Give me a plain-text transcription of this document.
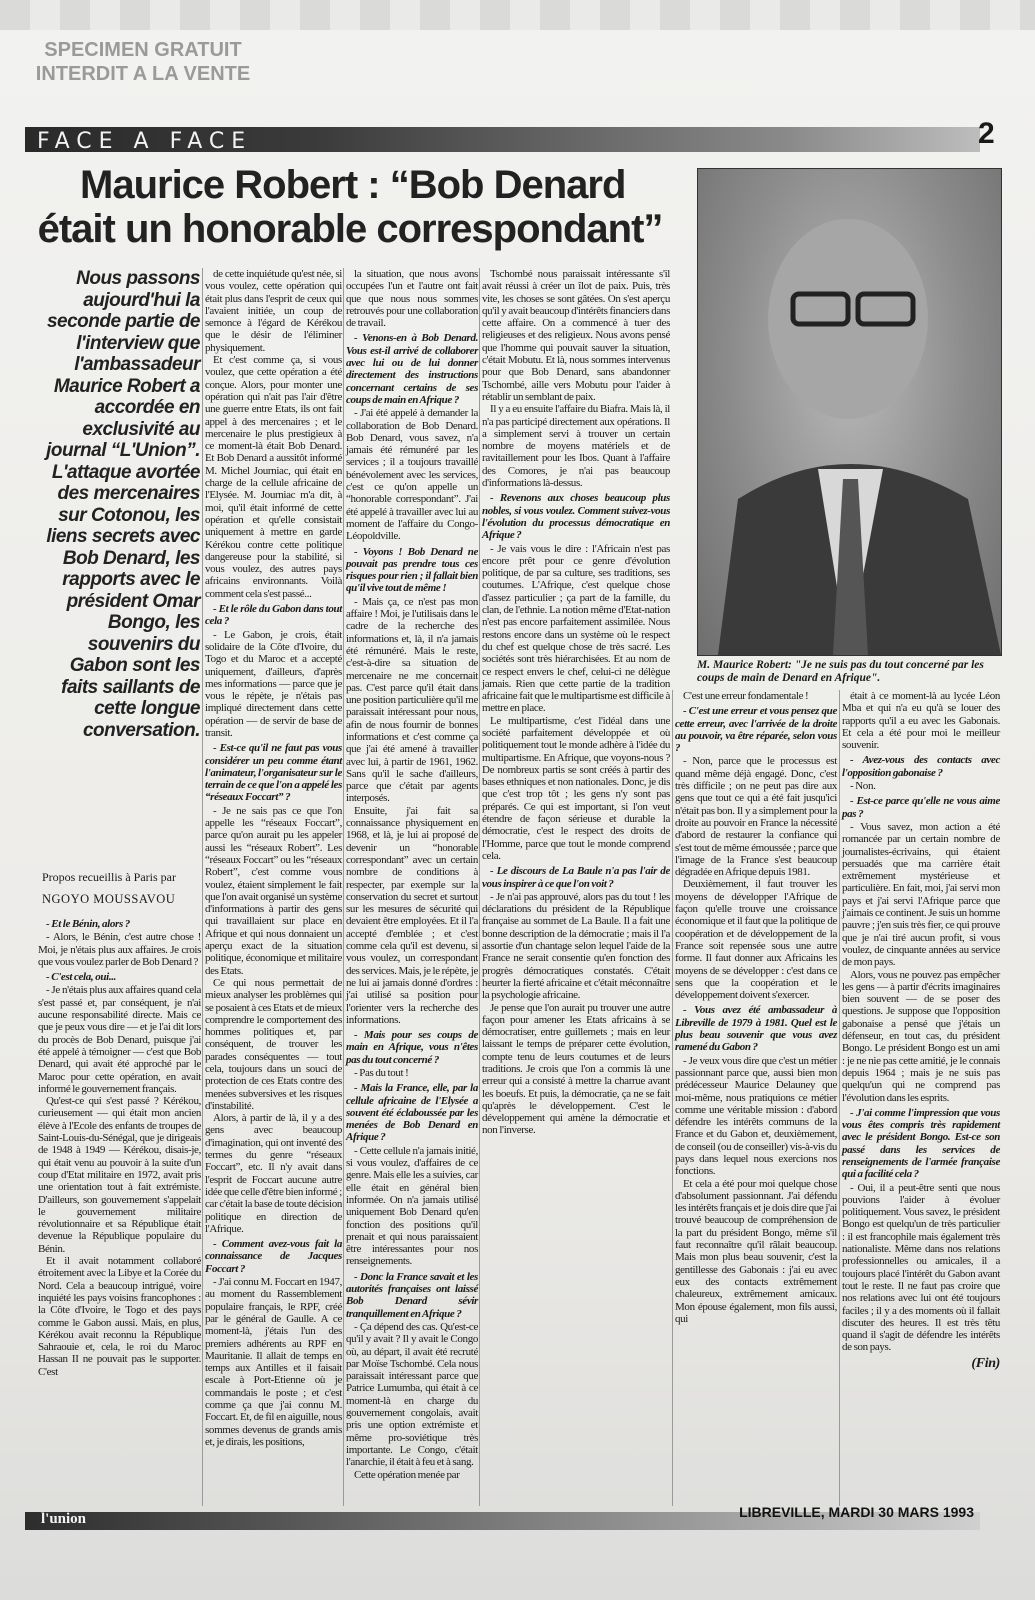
SPECIMEN GRATUIT INTERDIT A LA VENTE
FACE A FACE	2
Maurice Robert : “Bob Denard
était un honorable correspondant”
M. Maurice Robert: "Je ne suis pas du tout concerné par les coups de main de Denard en Afrique".
Nous passons aujourd'hui la seconde partie de l'interview que l'ambassadeur Maurice Robert a accordée en exclusivité au journal “L'Union”. L'attaque avortée des mercenaires sur Cotonou, les liens secrets avec Bob Denard, les rapports avec le président Omar Bongo, les souvenirs du Gabon sont les faits saillants de cette longue conversation.
Propos recueillis à Paris par
NGOYO MOUSSAVOU

- Et le Bénin, alors ?

- Alors, le Bénin, c'est autre chose ! Moi, je n'étais plus aux affaires. Je crois que vous voulez parler de Bob Denard ?

- C'est cela, oui...

- Je n'étais plus aux affaires quand cela s'est passé et, par conséquent, je n'ai aucune responsabilité directe. Mais ce que je peux vous dire — et je l'ai dit lors du procès de Bob Denard, puisque j'ai été appelé à témoigner — c'est que Bob Denard, qui avait été approché par le Maroc pour cette opération, en avait informé le gouvernement français.

Qu'est-ce qui s'est passé ? Kérékou, curieusement — qui était mon ancien élève à l'Ecole des enfants de troupes de Saint-Louis-du-Sénégal, que je dirigeais de 1948 à 1949 — Kérékou, disais-je, qui était venu au pouvoir à la suite d'un coup d'Etat militaire en 1972, avait pris une orientation tout à fait extrémiste. D'ailleurs, son gouvernement s'appelait le gouvernement militaire révolutionnaire et sa République était devenue la République populaire du Bénin.

Et il avait notamment collaboré étroitement avec la Libye et la Corée du Nord. Cela a beaucoup intrigué, voire inquiété les pays voisins francophones : la Côte d'Ivoire, le Togo et des pays comme le Gabon aussi. Mais, en plus, Kérékou avait reconnu la République Sahraouie et, cela, le roi du Maroc Hassan II ne pouvait pas le supporter. C'est

de cette inquiétude qu'est née, si vous voulez, cette opération qui était plus dans l'esprit de ceux qui l'avaient initiée, un coup de semonce à l'égard de Kérékou que le désir de l'éliminer physiquement.

Et c'est comme ça, si vous voulez, que cette opération a été conçue. Alors, pour monter une opération qui n'ait pas l'air d'être une guerre entre Etats, ils ont fait appel à des mercenaires ; et le mercenaire le plus prestigieux à ce moment-là était Bob Denard. Et Bob Denard a aussitôt informé M. Michel Journiac, qui était en charge de la cellule africaine de l'Elysée. M. Journiac m'a dit, à moi, qu'il était informé de cette opération et qu'elle consistait uniquement à mettre en garde Kérékou contre cette politique dangereuse pour la stabilité, si vous voulez, des autres pays africains environnants. Voilà comment cela s'est passé...

- Et le rôle du Gabon dans tout cela ?

- Le Gabon, je crois, était solidaire de la Côte d'Ivoire, du Togo et du Maroc et a accepté uniquement, d'ailleurs, d'après mes informations — parce que je vous le répète, je n'étais pas impliqué directement dans cette opération — de servir de base de transit.

- Est-ce qu'il ne faut pas vous considérer un peu comme étant l'animateur, l'organisateur sur le terrain de ce que l'on a appelé les “réseaux Foccart” ?

- Je ne sais pas ce que l'on appelle les “réseaux Foccart”, parce qu'on aurait pu les appeler aussi les “réseaux Robert”. Les “réseaux Foccart” ou les “réseaux Robert”, c'est comme vous voulez, étaient simplement le fait que l'on avait organisé un système d'informations à partir des gens qui travaillaient sur place en Afrique et qui nous donnaient un aperçu exact de la situation politique, économique et militaire des Etats.

Ce qui nous permettait de mieux analyser les problèmes qui se posaient à ces Etats et de mieux comprendre le comportement des hommes politiques et, par conséquent, de trouver les parades conséquentes — tout cela, toujours dans un souci de protection de ces Etats contre des menées subversives et les risques d'instabilité.

Alors, à partir de là, il y a des gens avec beaucoup d'imagination, qui ont inventé des termes du genre “réseaux Foccart”, etc. Il n'y avait dans l'esprit de Foccart aucune autre idée que celle d'être bien informé ; car c'était la base de toute décision politique en direction de l'Afrique.

- Comment avez-vous fait la connaissance de Jacques Foccart ?

- J'ai connu M. Foccart en 1947, au moment du Rassemblement populaire français, le RPF, créé par le général de Gaulle. A ce moment-là, j'étais l'un des premiers adhérents au RPF en Mauritanie. Il allait de temps en temps aux Antilles et il faisait escale à Port-Etienne où je commandais le poste ; et c'est comme ça que j'ai connu M. Foccart. Et, de fil en aiguille, nous sommes devenus de grands amis et, je dirais, les positions,

la situation, que nous avons occupées l'un et l'autre ont fait que que nous nous sommes retrouvés pour une collaboration de travail.

- Venons-en à Bob Denard. Vous est-il arrivé de collaborer avec lui ou de lui donner directement des instructions concernant certains de ses coups de main en Afrique ?

- J'ai été appelé à demander la collaboration de Bob Denard. Bob Denard, vous savez, n'a jamais été rémunéré par les services ; il a toujours travaillé bénévolement avec les services, c'est ce qu'on appelle un “honorable correspondant”. J'ai été appelé à travailler avec lui au moment de l'affaire du Congo-Léopoldville.

- Voyons ! Bob Denard ne pouvait pas prendre tous ces risques pour rien ; il fallait bien qu'il vive tout de même !

- Mais ça, ce n'est pas mon affaire ! Moi, je l'utilisais dans le cadre de la recherche des informations et, là, il n'a jamais été rémunéré. Mais le reste, c'est-à-dire sa situation de mercenaire ne me concernait pas. C'est parce qu'il était dans une position particulière qu'il me paraissait intéressant pour nous, afin de nous fournir de bonnes informations et c'est comme ça que j'ai été amené à travailler avec lui, à partir de 1961, 1962. Sans qu'il le sache d'ailleurs, parce que c'était par agents interposés.

Ensuite, j'ai fait sa connaissance physiquement en 1968, et là, je lui ai proposé de devenir un “honorable correspondant” avec un certain nombre de conditions à respecter, par exemple sur la conservation du secret et surtout sur les mesures de sécurité qui devaient être employées. Et il l'a accepté d'emblée ; et c'est comme cela qu'il est devenu, si vous voulez, un correspondant des services. Mais, je le répète, je ne lui ai jamais donné d'ordres : j'ai utilisé sa position pour l'orienter vers la recherche des informations.

- Mais pour ses coups de main en Afrique, vous n'êtes pas du tout concerné ?

- Pas du tout !

- Mais la France, elle, par la cellule africaine de l'Elysée a souvent été éclaboussée par les menées de Bob Denard en Afrique ?

- Cette cellule n'a jamais initié, si vous voulez, d'affaires de ce genre. Mais elle les a suivies, car elle était en général bien informée. On n'a jamais utilisé uniquement Bob Denard qu'en fonction des positions qu'il prenait et qui nous paraissaient être intéressantes pour nos renseignements.

- Donc la France savait et les autorités françaises ont laissé Bob Denard sévir tranquillement en Afrique ?

- Ça dépend des cas. Qu'est-ce qu'il y avait ? Il y avait le Congo où, au départ, il avait été recruté par Moïse Tschombé. Cela nous paraissait intéressant parce que Patrice Lumumba, qui était à ce moment-là en charge du gouvernement congolais, avait pris une option extrémiste et même pro-soviétique très importante. Le Congo, c'était l'anarchie, il était à feu et à sang.

Cette opération menée par

Tschombé nous paraissait intéressante s'il avait réussi à créer un îlot de paix. Puis, très vite, les choses se sont gâtées. On s'est aperçu qu'il y avait beaucoup d'intérêts financiers dans cette affaire. On a commencé à tuer des religieuses et des religieux. Nous avons pensé que l'homme qui pouvait sauver la situation, c'était Mobutu. Et là, nous sommes intervenus pour que Bob Denard, sans abandonner Tschombé, aille vers Mobutu pour l'aider à rétablir un semblant de paix.

Il y a eu ensuite l'affaire du Biafra. Mais là, il n'a pas participé directement aux opérations. Il a simplement servi à trouver un certain nombre de moyens matériels et de ravitaillement pour les Ibos. Quant à l'affaire des Comores, je n'ai pas beaucoup d'informations là-dessus.

- Revenons aux choses beaucoup plus nobles, si vous voulez. Comment suivez-vous l'évolution du processus démocratique en Afrique ?

- Je vais vous le dire : l'Africain n'est pas encore prêt pour ce genre d'évolution politique, de par sa culture, ses traditions, ses coutumes. L'Afrique, c'est quelque chose d'assez particulier ; ça part de la famille, du clan, de l'ethnie. La notion même d'Etat-nation n'est pas encore parfaitement assimilée. Nous restons encore dans un système où le respect du chef est quelque chose de très sacré. Les sociétés sont très hiérarchisées. Et au nom de ce respect envers le chef, celui-ci ne délègue jamais. Rien que cette partie de la tradition africaine fait que le multipartisme est difficile à mettre en place.

Le multipartisme, c'est l'idéal dans une société parfaitement développée et où politiquement tout le monde adhère à l'idée du multipartisme. En Afrique, que voyons-nous ? De nombreux partis se sont créés à partir des bases ethniques et non nationales. Donc, je dis que c'est trop tôt ; les gens n'y sont pas préparés. Ce qui est important, si l'on veut étendre de façon sérieuse et durable la démocratie, c'est le respect des droits de l'Homme, parce que tout le monde comprend cela.

- Le discours de La Baule n'a pas l'air de vous inspirer à ce que l'on voit ?

- Je n'ai pas approuvé, alors pas du tout ! les déclarations du président de la République française au sommet de La Baule. Il a fait une bonne description de la démocratie ; mais il l'a assortie d'un chantage selon lequel l'aide de la France ne serait consentie qu'en fonction des progrès démocratiques constatés. C'était heurter la fierté africaine et c'était méconnaître la psychologie africaine.

Je pense que l'on aurait pu trouver une autre façon pour amener les Etats africains à se démocratiser, entre guillemets ; mais en leur laissant le temps de préparer cette évolution, compte tenu de leurs coutumes et de leurs traditions. Je crois que l'on a commis là une erreur qui a consisté à mettre la charrue avant les boeufs. Et puis, la démocratie, ça ne se fait qu'après le développement. C'est le développement qui amène la démocratie et non l'inverse.

C'est une erreur fondamentale !

- C'est une erreur et vous pensez que cette erreur, avec l'arrivée de la droite au pouvoir, va être réparée, selon vous ?

- Non, parce que le processus est quand même déjà engagé. Donc, c'est très difficile ; on ne peut pas dire aux gens que tout ce qui a été fait jusqu'ici n'était pas bon. Il y a simplement pour la droite au pouvoir en France la nécessité d'abord de restaurer la confiance qui s'est tout de même émoussée ; parce que l'image de la France s'est beaucoup dégradée en Afrique depuis 1981.

Deuxièmement, il faut trouver les moyens de développer l'Afrique de façon qu'elle trouve une croissance économique et il faut que la politique de coopération et de développement de la France soit repensée sous une autre forme. Il faut donner aux Africains les moyens de se développer : c'est dans ce sens que la coopération et le développement doivent s'exercer.

- Vous avez été ambassadeur à Libreville de 1979 à 1981. Quel est le plus beau souvenir que vous avez ramené du Gabon ?

- Je veux vous dire que c'est un métier passionnant parce que, aussi bien mon prédécesseur Maurice Delauney que moi-même, nous pratiquions ce métier comme une véritable mission : d'abord défendre les intérêts communs de la France et du Gabon et, deuxièmement, de conseil (ou de conseiller) vis-à-vis du pays dans lequel nous exercions nos fonctions.

Et cela a été pour moi quelque chose d'absolument passionnant. J'ai défendu les intérêts français et je dois dire que j'ai trouvé beaucoup de compréhension de la part du président Bongo, même s'il faut reconnaître qu'il râlait beaucoup. Mais mon plus beau souvenir, c'est la gentillesse des Gabonais : j'ai eu avec eux des contacts extrêmement chaleureux, extrêmement amicaux. Mon épouse également, mon fils aussi, qui

était à ce moment-là au lycée Léon Mba et qui n'a eu qu'à se louer des rapports qu'il a eu avec les Gabonais. Et cela a été pour moi le meilleur souvenir.

- Avez-vous des contacts avec l'opposition gabonaise ?

- Non.

- Est-ce parce qu'elle ne vous aime pas ?

- Vous savez, mon action a été romancée par un certain nombre de journalistes-écrivains, qui étaient persuadés que ma carrière était extrêmement mystérieuse et particulière. En fait, moi, j'ai servi mon pays et j'ai servi l'Afrique parce que j'aimais ce continent. Je suis un homme pauvre ; j'en suis très fier, ce qui prouve que je n'ai tiré aucun profit, si vous voulez, de cinquante années au service de mon pays.

Alors, vous ne pouvez pas empêcher les gens — à partir d'écrits imaginaires bien souvent — de se poser des questions. Je suppose que l'opposition gabonaise a pensé que j'étais un défenseur, en tout cas, du président Bongo. Le président Bongo est un ami : je ne nie pas cette amitié, je le connais depuis 1964 ; mais je ne suis pas quelqu'un qui ne comprend pas l'évolution dans les esprits.

- J'ai comme l'impression que vous vous êtes compris très rapidement avec le président Bongo. Est-ce son passé dans les services de renseignements de l'armée française qui a facilité cela ?

- Oui, il a peut-être senti que nous pouvions l'aider à évoluer politiquement. Vous savez, le président Bongo est quelqu'un de très particulier : il est francophile mais également très nationaliste. Même dans nos relations professionnelles ou amicales, il a toujours placé l'intérêt du Gabon avant tout le reste. Il ne faut pas croire que nos relations avec lui ont été toujours faciles ; il y a des moments où il fallait discuter des heures. Il est très têtu quand il s'agit de défendre les intérêts de son pays.

(Fin)

l'union	LIBREVILLE, MARDI 30 MARS 1993
